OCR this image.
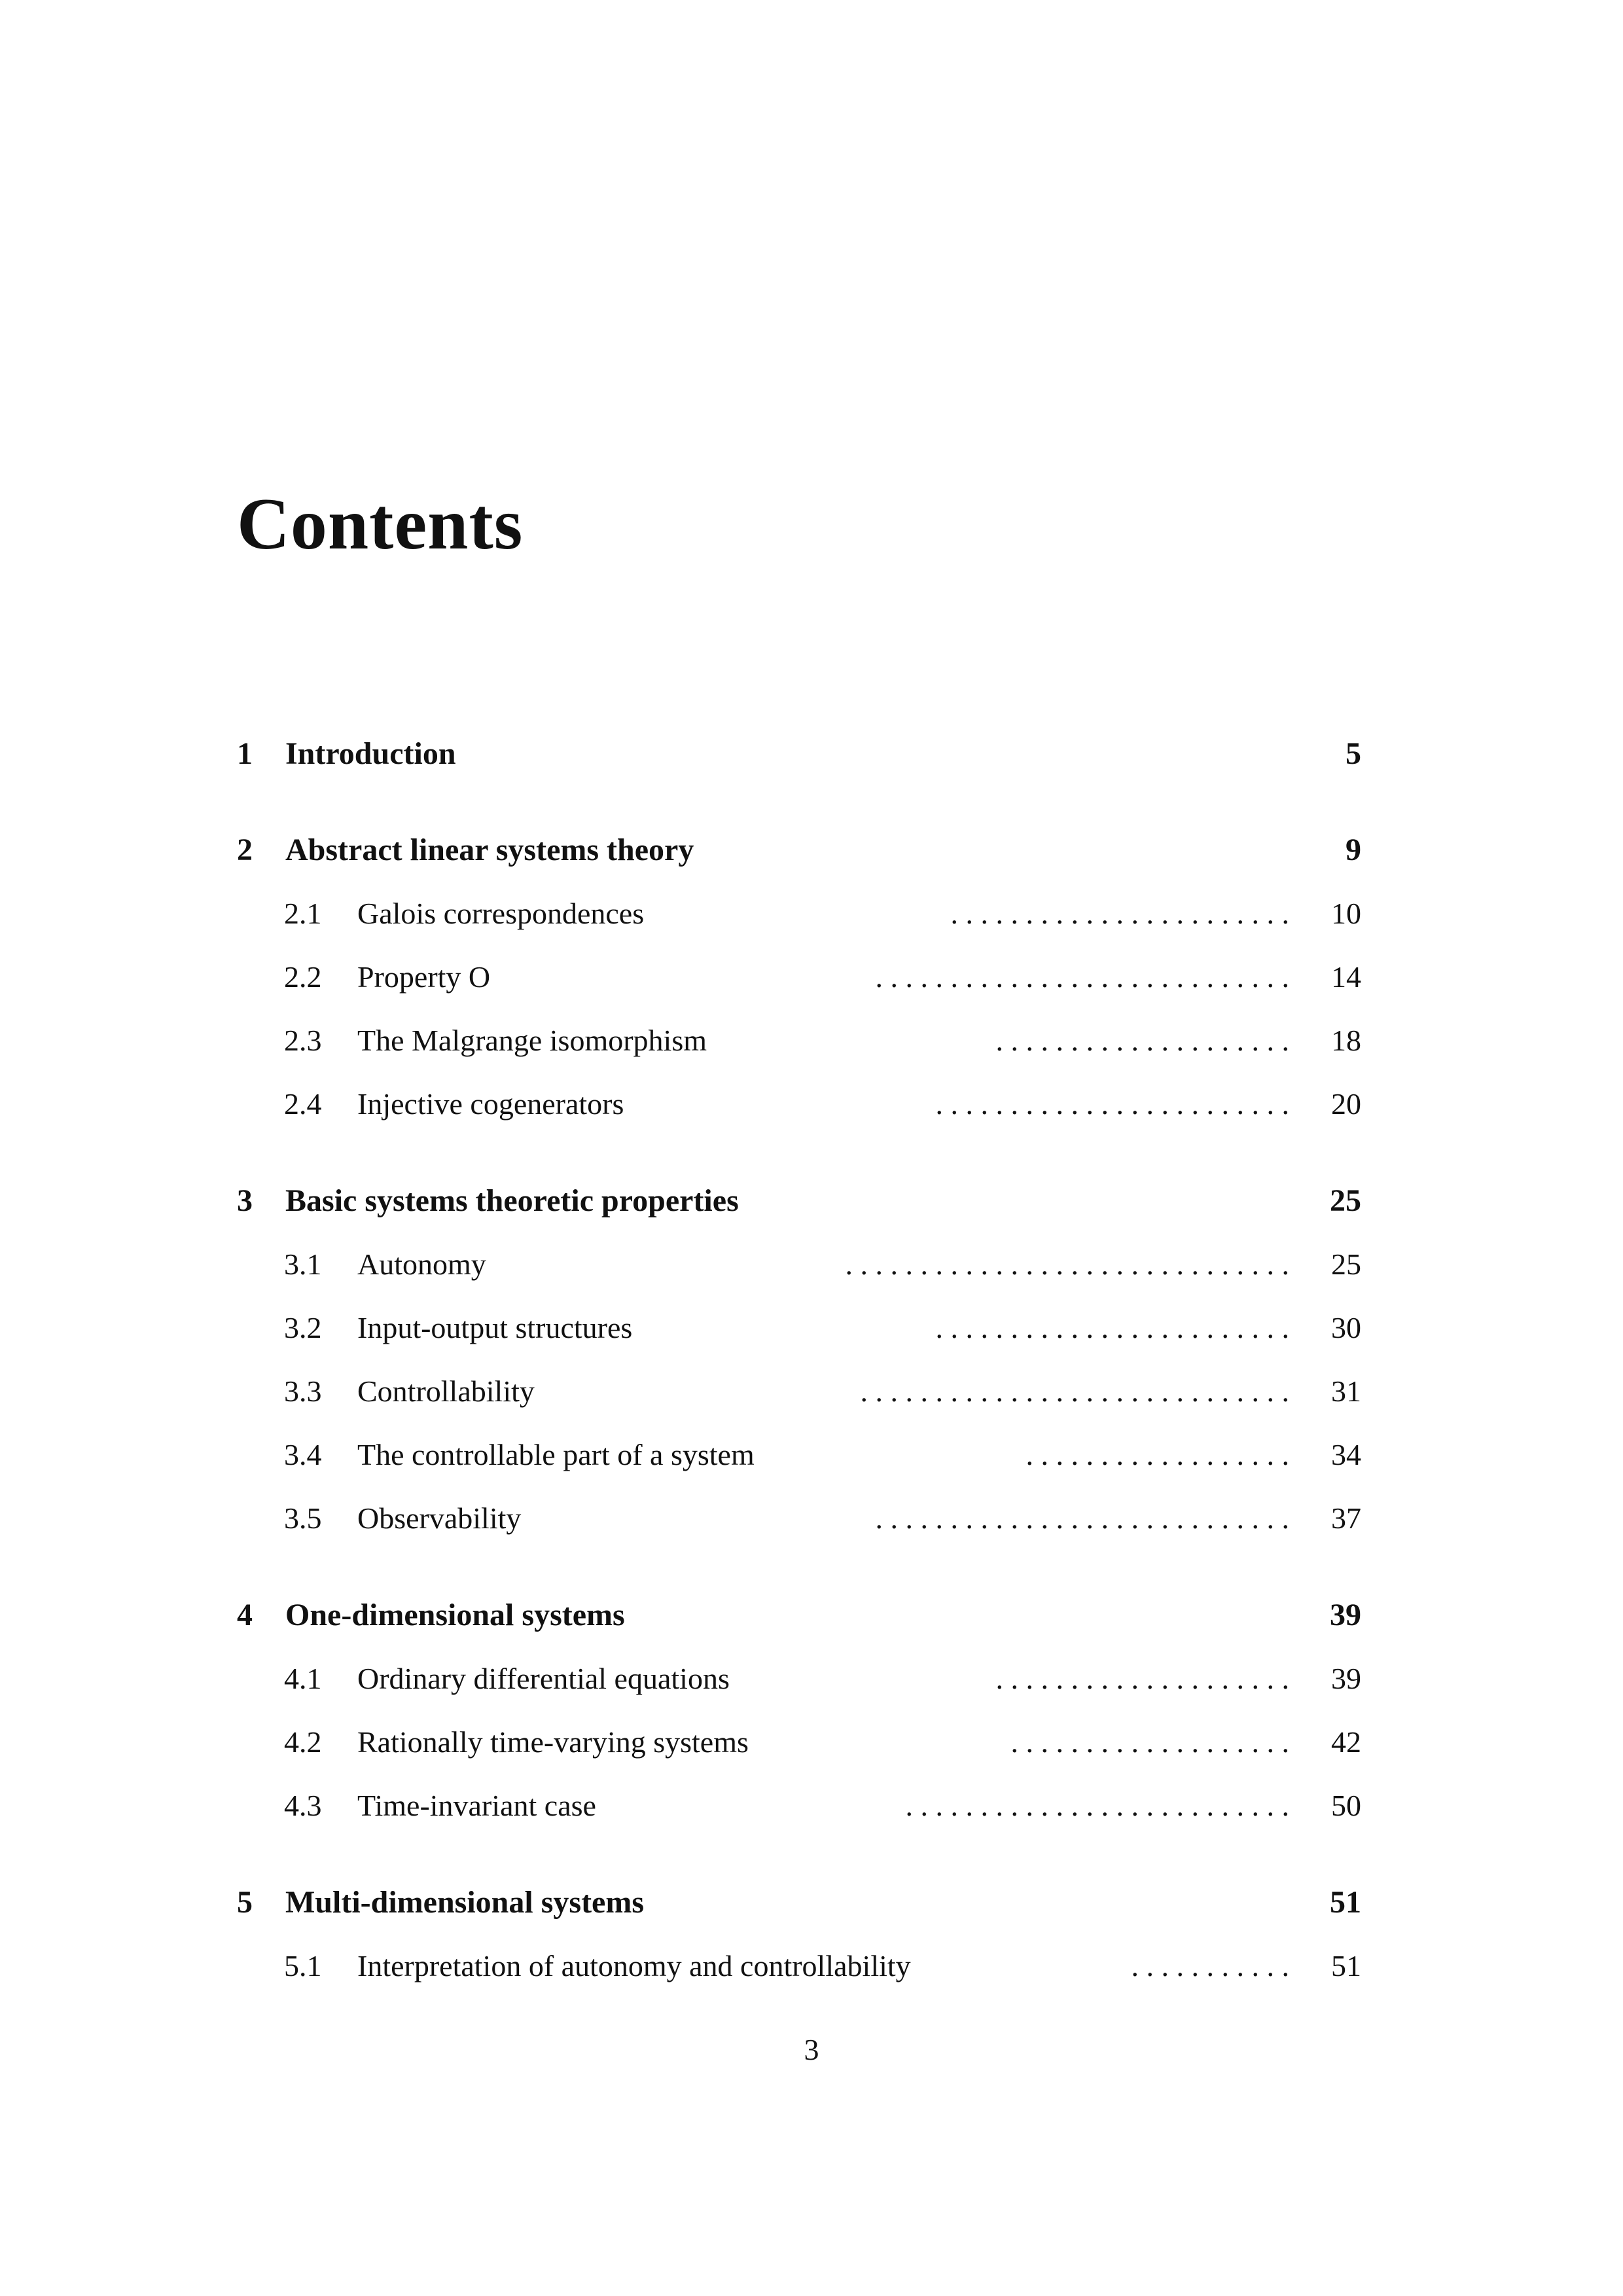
Contents
1 Introduction	5
2 Abstract linear systems theory	9
2.1 Galois correspondences	. . . . . . . . . . . . . . . . . . . . . . . 10
2.2 Property O	. . . . . . . . . . . . . . . . . . . . . . . . . . . . 14
2.3 The Malgrange isomorphism	. . . . . . . . . . . . . . . . . . . . 18
2.4 Injective cogenerators	. . . . . . . . . . . . . . . . . . . . . . . . 20
3 Basic systems theoretic properties	25
3.1 Autonomy	. . . . . . . . . . . . . . . . . . . . . . . . . . . . . . 25
3.2 Input-output structures	. . . . . . . . . . . . . . . . . . . . . . . . 30
3.3 Controllability	. . . . . . . . . . . . . . . . . . . . . . . . . . . . . 31
3.4 The controllable part of a system	. . . . . . . . . . . . . . . . . . 34
3.5 Observability	. . . . . . . . . . . . . . . . . . . . . . . . . . . . 37
4 One-dimensional systems	39
4.1 Ordinary differential equations	. . . . . . . . . . . . . . . . . . . . 39
4.2 Rationally time-varying systems	. . . . . . . . . . . . . . . . . . . 42
4.3 Time-invariant case	. . . . . . . . . . . . . . . . . . . . . . . . . . 50
5 Multi-dimensional systems	51
5.1 Interpretation of autonomy and controllability	. . . . . . . . . . . 51
3
